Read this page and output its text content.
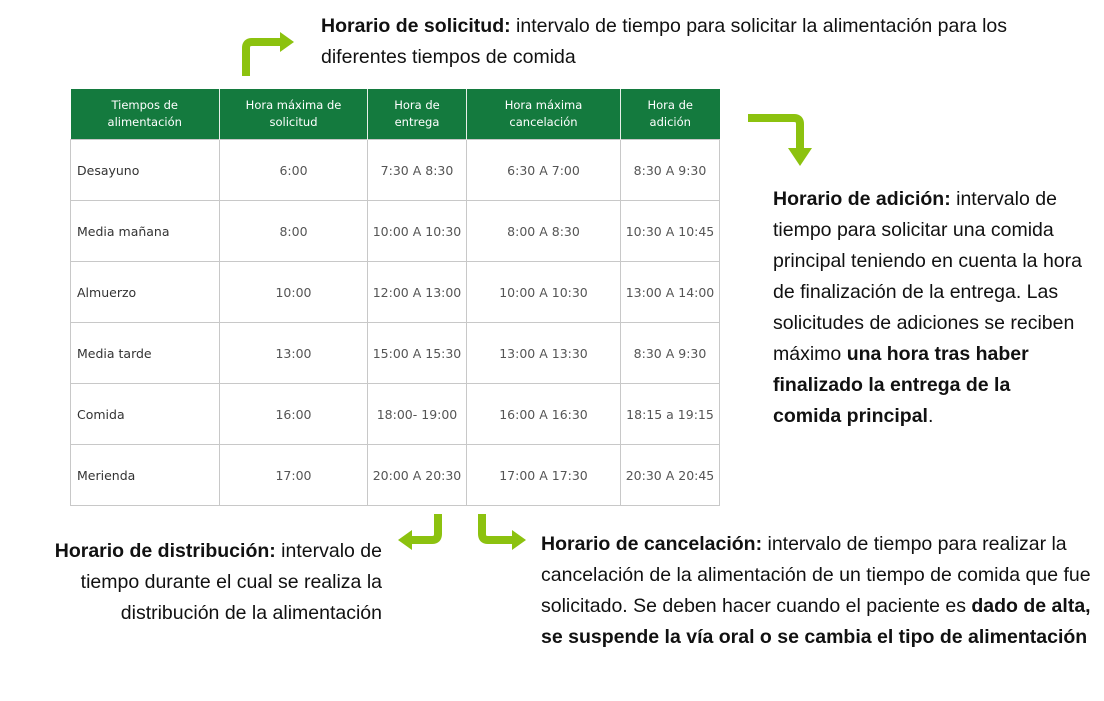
Horario de solicitud: intervalo de tiempo para solicitar la alimentación para los diferentes tiempos de comida
Horario de adición: intervalo de tiempo para solicitar una comida principal teniendo en cuenta la hora de finalización de la entrega. Las solicitudes de adiciones se reciben máximo una hora tras haber finalizado la entrega de la comida principal.
Horario de distribución: intervalo de tiempo durante el cual se realiza la distribución de la alimentación
Horario de cancelación: intervalo de tiempo para realizar la cancelación de la alimentación de un tiempo de comida que fue solicitado. Se deben hacer cuando el paciente es dado de alta, se suspende la vía oral o se cambia el tipo de alimentación
Tiempos de alimentación	Hora máxima de solicitud	Hora de entrega	Hora máxima cancelación	Hora de adición
Desayuno	6:00	7:30 A 8:30	6:30 A 7:00	8:30 A 9:30
Media mañana	8:00	10:00 A 10:30	8:00 A 8:30	10:30 A 10:45
Almuerzo	10:00	12:00 A 13:00	10:00 A 10:30	13:00 A 14:00
Media tarde	13:00	15:00 A 15:30	13:00 A 13:30	8:30 A 9:30
Comida	16:00	18:00- 19:00	16:00 A 16:30	18:15 a 19:15
Merienda	17:00	20:00 A 20:30	17:00 A 17:30	20:30 A 20:45
